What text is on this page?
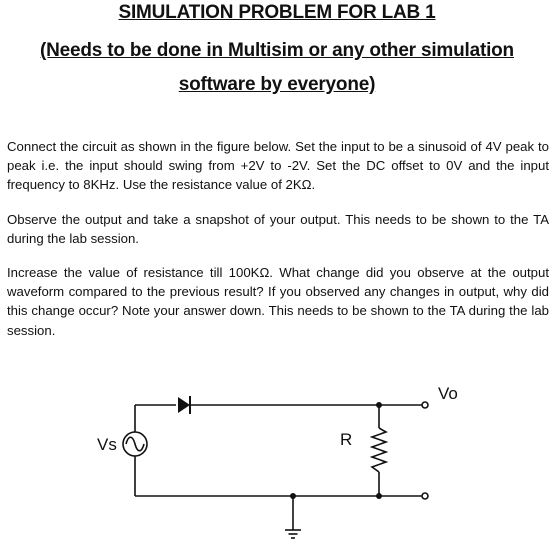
SIMULATION PROBLEM FOR LAB 1
(Needs to be done in Multisim or any other simulation
software by everyone)
Connect the circuit as shown in the figure below. Set the input to be a sinusoid of 4V peak to peak i.e. the input should swing from +2V to -2V. Set the DC offset to 0V and the input frequency to 8KHz. Use the resistance value of 2KΩ.
Observe the output and take a snapshot of your output. This needs to be shown to the TA during the lab session.
Increase the value of resistance till 100KΩ. What change did you observe at the output waveform compared to the previous result? If you observed any changes in output, why did this change occur? Note your answer down. This needs to be shown to the TA during the lab session.
Vo
Vs	R
